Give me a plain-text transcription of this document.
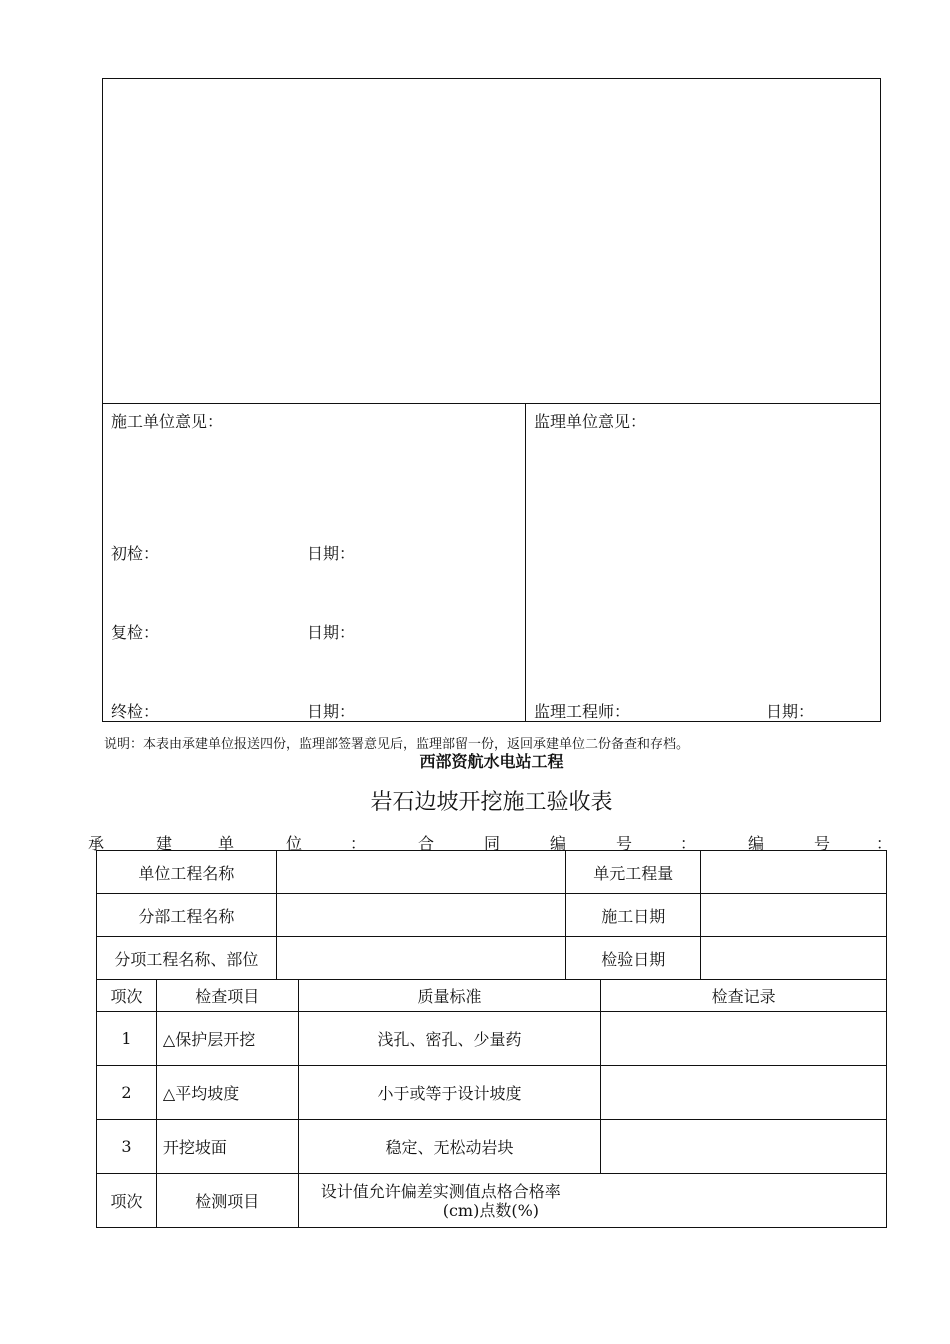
施工单位意见：	监理单位意见：
初检：	日期：
复检：	日期：
终检：	日期：	监理工程师：	日期：
说明：本表由承建单位报送四份，监理部签署意见后，监理部留一份，返回承建单位二份备查和存档。
西部资航水电站工程
岩石边坡开挖施工验收表
承	建	单	位	：	合	同	编	号	：	编	号	：
单位工程名称		单元工程量	
分部工程名称		施工日期	
分项工程名称、部位		检验日期	
项次	检查项目	质量标准	检查记录
1	△保护层开挖	浅孔、密孔、少量药	
2	△平均坡度	小于或等于设计坡度	
3	开挖坡面	稳定、无松动岩块	
项次	检测项目	设计值允许偏差实测值点格合格率
(cm)点数(%)	
